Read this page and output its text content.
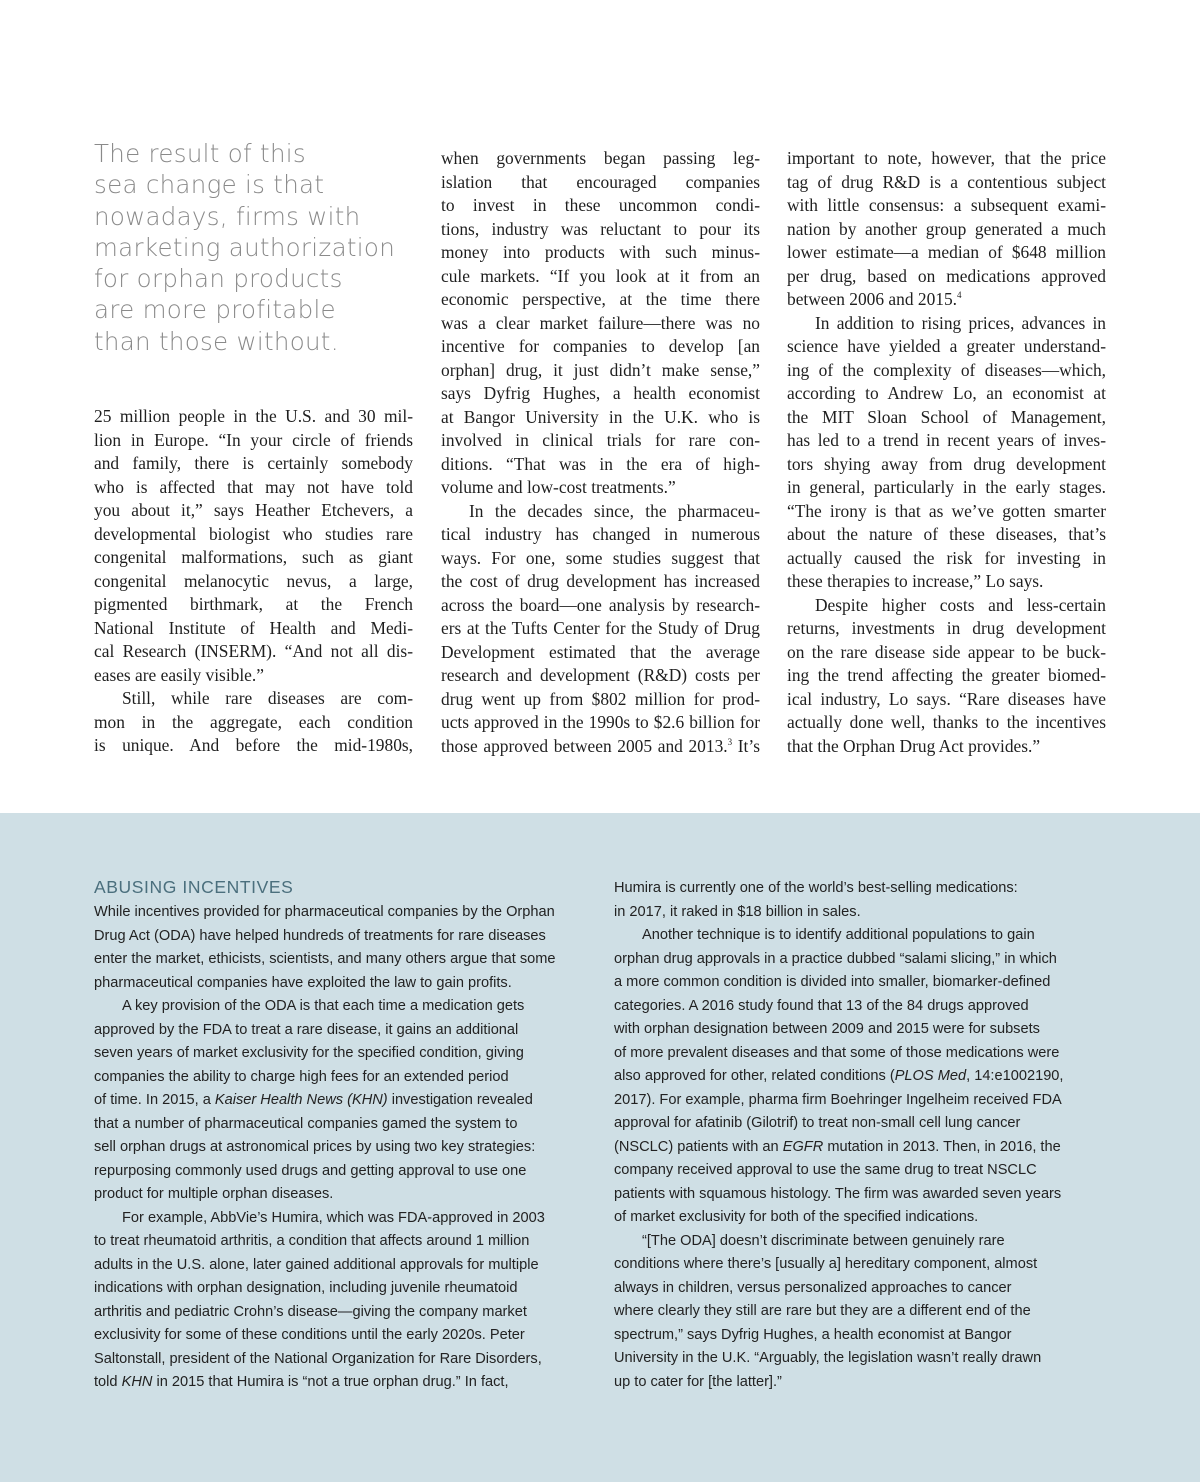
The result of this
sea change is that
nowadays, firms with
marketing authorization
for orphan products
are more profitable
than those without.
25 million people in the U.S. and 30 mil-
lion in Europe. “In your circle of friends
and family, there is certainly somebody
who is affected that may not have told
you about it,” says Heather Etchevers, a
developmental biologist who studies rare
congenital malformations, such as giant
congenital melanocytic nevus, a large,
pigmented birthmark, at the French
National Institute of Health and Medi-
cal Research (INSERM). “And not all dis-
eases are easily visible.”
Still, while rare diseases are com-
mon in the aggregate, each condition
is unique. And before the mid-1980s,
when governments began passing leg-
islation that encouraged companies
to invest in these uncommon condi-
tions, industry was reluctant to pour its
money into products with such minus-
cule markets. “If you look at it from an
economic perspective, at the time there
was a clear market failure—there was no
incentive for companies to develop [an
orphan] drug, it just didn’t make sense,”
says Dyfrig Hughes, a health economist
at Bangor University in the U.K. who is
involved in clinical trials for rare con-
ditions. “That was in the era of high-
volume and low-cost treatments.”
In the decades since, the pharmaceu-
tical industry has changed in numerous
ways. For one, some studies suggest that
the cost of drug development has increased
across the board—one analysis by research-
ers at the Tufts Center for the Study of Drug
Development estimated that the average
research and development (R&D) costs per
drug went up from $802 million for prod-
ucts approved in the 1990s to $2.6 billion for
those approved between 2005 and 2013.$^3$ It’s
important to note, however, that the price
tag of drug R&D is a contentious subject
with little consensus: a subsequent exami-
nation by another group generated a much
lower estimate—a median of $648 million
per drug, based on medications approved
between 2006 and 2015.$^4$
In addition to rising prices, advances in
science have yielded a greater understand-
ing of the complexity of diseases—which,
according to Andrew Lo, an economist at
the MIT Sloan School of Management,
has led to a trend in recent years of inves-
tors shying away from drug development
in general, particularly in the early stages.
“The irony is that as we’ve gotten smarter
about the nature of these diseases, that’s
actually caused the risk for investing in
these therapies to increase,” Lo says.
Despite higher costs and less-certain
returns, investments in drug development
on the rare disease side appear to be buck-
ing the trend affecting the greater biomed-
ical industry, Lo says. “Rare diseases have
actually done well, thanks to the incentives
that the Orphan Drug Act provides.”
ABUSING INCENTIVES
While incentives provided for pharmaceutical companies by the Orphan
Drug Act (ODA) have helped hundreds of treatments for rare diseases
enter the market, ethicists, scientists, and many others argue that some
pharmaceutical companies have exploited the law to gain profits.
A key provision of the ODA is that each time a medication gets
approved by the FDA to treat a rare disease, it gains an additional
seven years of market exclusivity for the specified condition, giving
companies the ability to charge high fees for an extended period
of time. In 2015, a Kaiser Health News (KHN) investigation revealed
that a number of pharmaceutical companies gamed the system to
sell orphan drugs at astronomical prices by using two key strategies:
repurposing commonly used drugs and getting approval to use one
product for multiple orphan diseases.
For example, AbbVie’s Humira, which was FDA-approved in 2003
to treat rheumatoid arthritis, a condition that affects around 1 million
adults in the U.S. alone, later gained additional approvals for multiple
indications with orphan designation, including juvenile rheumatoid
arthritis and pediatric Crohn’s disease—giving the company market
exclusivity for some of these conditions until the early 2020s. Peter
Saltonstall, president of the National Organization for Rare Disorders,
told KHN in 2015 that Humira is “not a true orphan drug.” In fact,
Humira is currently one of the world’s best-selling medications:
in 2017, it raked in $18 billion in sales.
Another technique is to identify additional populations to gain
orphan drug approvals in a practice dubbed “salami slicing,” in which
a more common condition is divided into smaller, biomarker-defined
categories. A 2016 study found that 13 of the 84 drugs approved
with orphan designation between 2009 and 2015 were for subsets
of more prevalent diseases and that some of those medications were
also approved for other, related conditions (PLOS Med, 14:e1002190,
2017). For example, pharma firm Boehringer Ingelheim received FDA
approval for afatinib (Gilotrif) to treat non-small cell lung cancer
(NSCLC) patients with an EGFR mutation in 2013. Then, in 2016, the
company received approval to use the same drug to treat NSCLC
patients with squamous histology. The firm was awarded seven years
of market exclusivity for both of the specified indications.
“[The ODA] doesn’t discriminate between genuinely rare
conditions where there’s [usually a] hereditary component, almost
always in children, versus personalized approaches to cancer
where clearly they still are rare but they are a different end of the
spectrum,” says Dyfrig Hughes, a health economist at Bangor
University in the U.K. “Arguably, the legislation wasn’t really drawn
up to cater for [the latter].”
